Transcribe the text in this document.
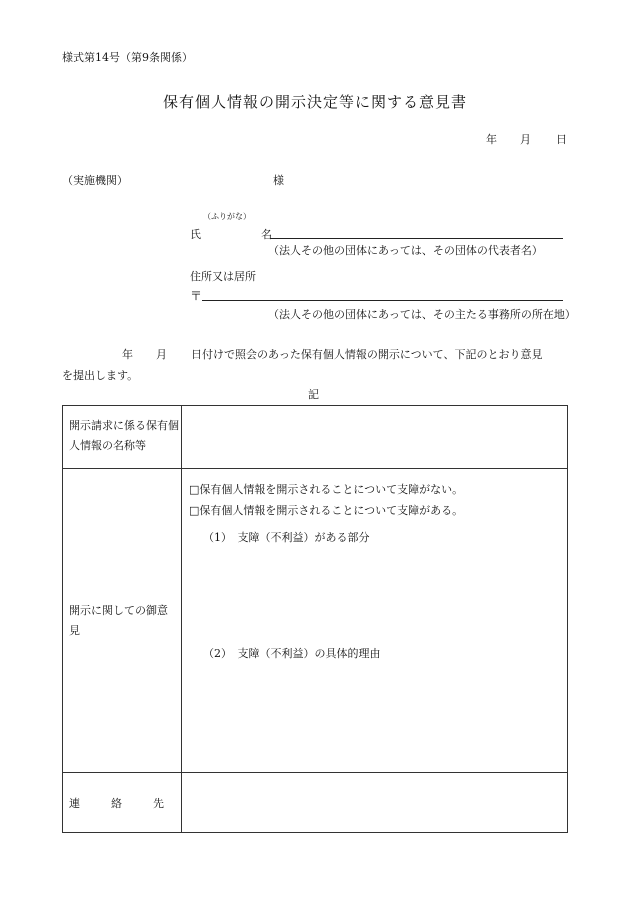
様式第14号（第9条関係）
保有個人情報の開示決定等に関する意見書
年 月 日
（実施機関）	様
（ふりがな）
氏	名
（法人その他の団体にあっては、その団体の代表者名）
住所又は居所
〒
（法人その他の団体にあっては、その主たる事務所の所在地）
年 月 日付けで照会のあった保有個人情報の開示について、下記のとおり意見
を提出します。
記
開示請求に係る保有個人情報の名称等	

開示に関しての御意見	□保有個人情報を開示されることについて支障がない。
□保有個人情報を開示されることについて支障がある。
（1）　支障（不利益）がある部分
（2）　支障（不利益）の具体的理由

連　絡　先	
